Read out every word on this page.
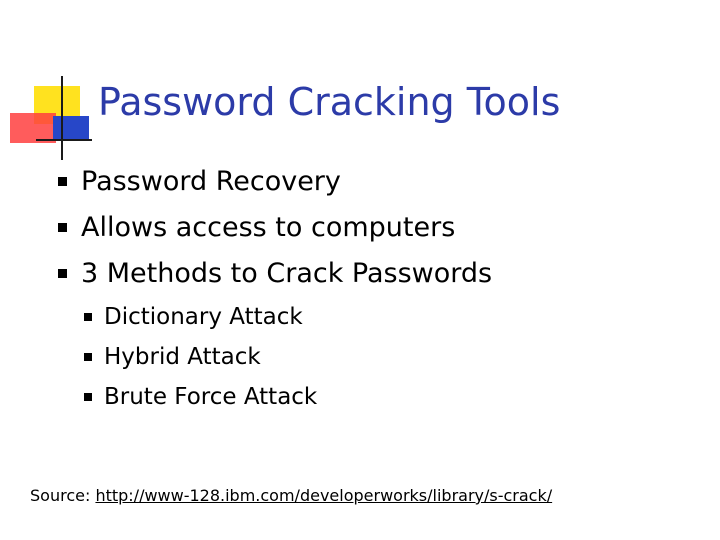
Password Cracking Tools
Password Recovery
Allows access to computers
3 Methods to Crack Passwords
Dictionary Attack
Hybrid Attack
Brute Force Attack
Source: http://www-128.ibm.com/developerworks/library/s-crack/
